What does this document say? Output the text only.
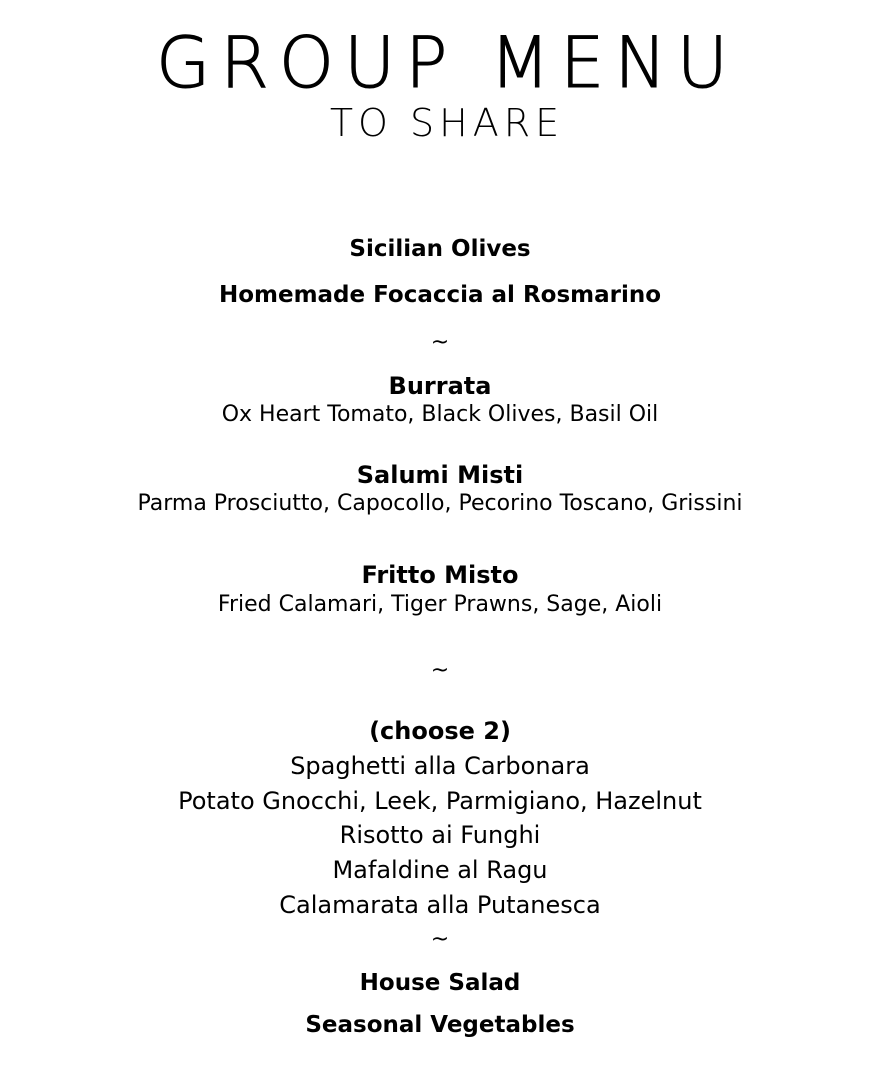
GROUP MENU
TO SHARE
Sicilian Olives
Homemade Focaccia al Rosmarino
~
Burrata
Ox Heart Tomato, Black Olives, Basil Oil
Salumi Misti
Parma Prosciutto, Capocollo, Pecorino Toscano, Grissini
Fritto Misto
Fried Calamari, Tiger Prawns, Sage, Aioli
~
(choose 2)
Spaghetti alla Carbonara
Potato Gnocchi, Leek, Parmigiano, Hazelnut
Risotto ai Funghi
Mafaldine al Ragu
Calamarata alla Putanesca
~
House Salad
Seasonal Vegetables
